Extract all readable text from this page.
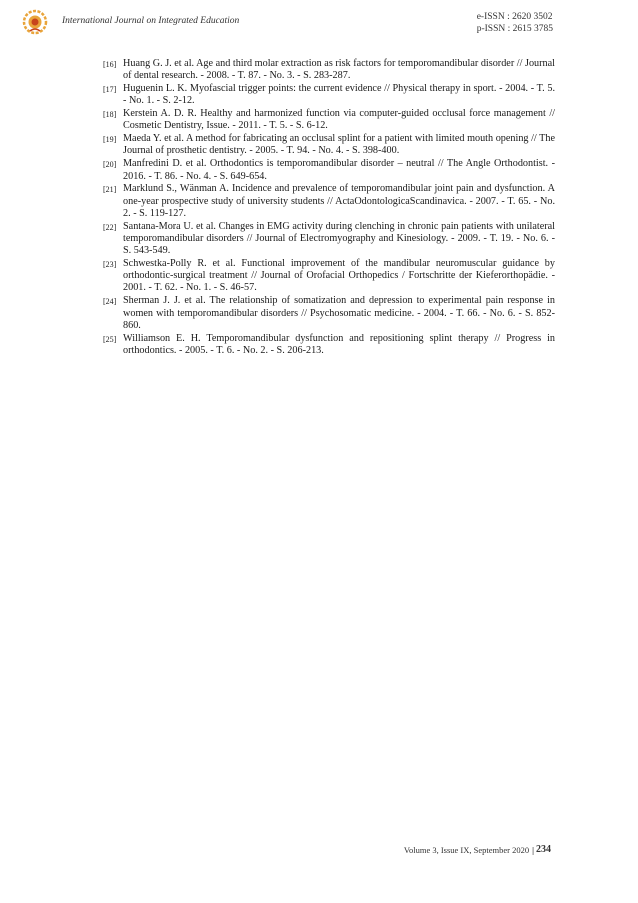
International Journal on Integrated Education	e-ISSN : 2620 3502
p-ISSN : 2615 3785
[16] Huang G. J. et al. Age and third molar extraction as risk factors for temporomandibular disorder // Journal of dental research. - 2008. - T. 87. - No. 3. - S. 283-287.
[17] Huguenin L. K. Myofascial trigger points: the current evidence // Physical therapy in sport. - 2004. - T. 5. - No. 1. - S. 2-12.
[18] Kerstein A. D. R. Healthy and harmonized function via computer-guided occlusal force management // Cosmetic Dentistry, Issue. - 2011. - T. 5. - S. 6-12.
[19] Maeda Y. et al. A method for fabricating an occlusal splint for a patient with limited mouth opening // The Journal of prosthetic dentistry. - 2005. - T. 94. - No. 4. - S. 398-400.
[20] Manfredini D. et al. Orthodontics is temporomandibular disorder – neutral // The Angle Orthodontist. - 2016. - T. 86. - No. 4. - S. 649-654.
[21] Marklund S., Wänman A. Incidence and prevalence of temporomandibular joint pain and dysfunction. A one-year prospective study of university students // ActaOdontologicaScandinavica. - 2007. - T. 65. - No. 2. - S. 119-127.
[22] Santana-Mora U. et al. Changes in EMG activity during clenching in chronic pain patients with unilateral temporomandibular disorders // Journal of Electromyography and Kinesiology. - 2009. - T. 19. - No. 6. - S. 543-549.
[23] Schwestka-Polly R. et al. Functional improvement of the mandibular neuromuscular guidance by orthodontic-surgical treatment // Journal of Orofacial Orthopedics / Fortschritte der Kieferorthopädie. - 2001. - T. 62. - No. 1. - S. 46-57.
[24] Sherman J. J. et al. The relationship of somatization and depression to experimental pain response in women with temporomandibular disorders // Psychosomatic medicine. - 2004. - T. 66. - No. 6. - S. 852-860.
[25] Williamson E. H. Temporomandibular dysfunction and repositioning splint therapy // Progress in orthodontics. - 2005. - T. 6. - No. 2. - S. 206-213.
Volume 3, Issue IX, September 2020 | 234
